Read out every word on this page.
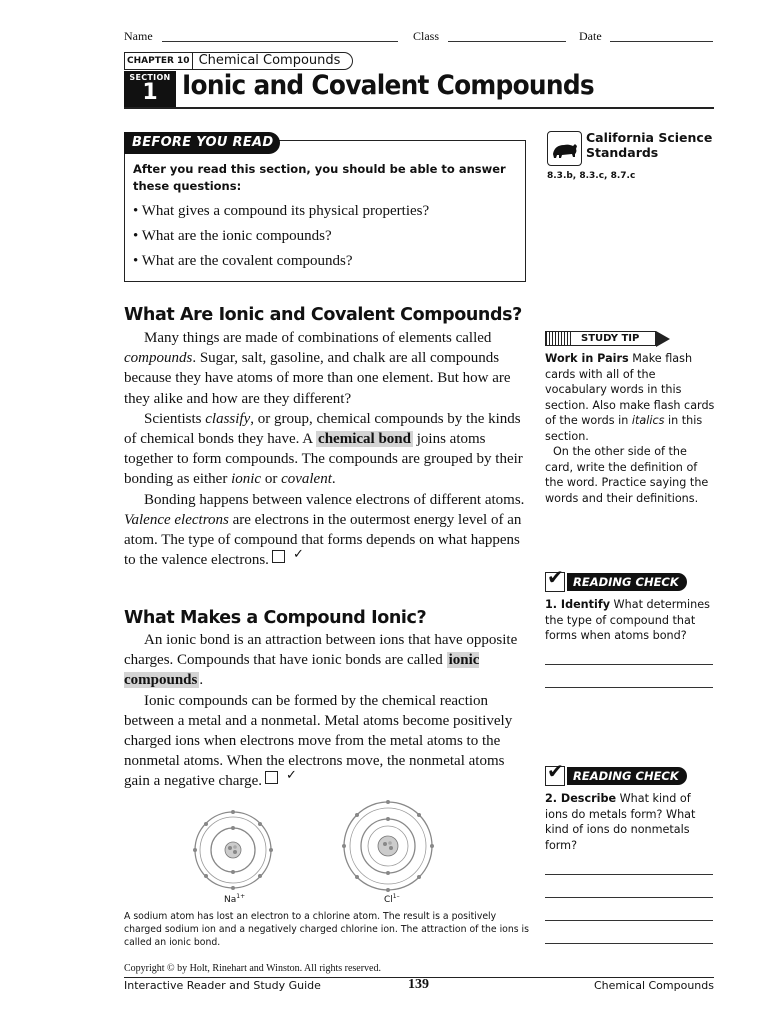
Name	Class	Date
CHAPTER 10 Chemical Compounds
SECTION
1 Ionic and Covalent Compounds
BEFORE YOU READ
After you read this section, you should be able to answer these questions:
• What gives a compound its physical properties?
• What are the ionic compounds?
• What are the covalent compounds?
California Science
Standards
8.3.b, 8.3.c, 8.7.c
What Are Ionic and Covalent Compounds?

Many things are made of combinations of elements called compounds. Sugar, salt, gasoline, and chalk are all compounds because they have atoms of more than one element. But how are they alike and how are they different?

Scientists classify, or group, chemical compounds by the kinds of chemical bonds they have. A chemical bond joins atoms together to form compounds. The compounds are grouped by their bonding as either ionic or covalent.

Bonding happens between valence electrons of different atoms. Valence electrons are electrons in the outermost energy level of an atom. The type of compound that forms depends on what happens to the valence electrons.✓

What Makes a Compound Ionic?

An ionic bond is an attraction between ions that have opposite charges. Compounds that have ionic bonds are called ionic compounds .

Ionic compounds can be formed by the chemical reaction between a metal and a nonmetal. Metal atoms become positively charged ions when electrons move from the metal atoms to the nonmetal atoms. When the electrons move, the nonmetal atoms gain a negative charge.✓

STUDY TIP
Work in Pairs Make flash cards with all of the vocabulary words in this section. Also make flash cards of the words in italics in this section.
On the other side of the card, write the definition of the word. Practice saying the words and their definitions.
✔
READING CHECK
1. Identify What determines the type of compound that forms when atoms bond?
✔
READING CHECK
2. Describe What kind of ions do metals form? What kind of ions do nonmetals form?
$Na^{1+}$	$Cl^{1-}$
A sodium atom has lost an electron to a chlorine atom. The result is a positively charged sodium ion and a negatively charged chlorine ion. The attraction of the ions is called an ionic bond.
Copyright © by Holt, Rinehart and Winston. All rights reserved.
Interactive Reader and Study Guide	139	Chemical Compounds
